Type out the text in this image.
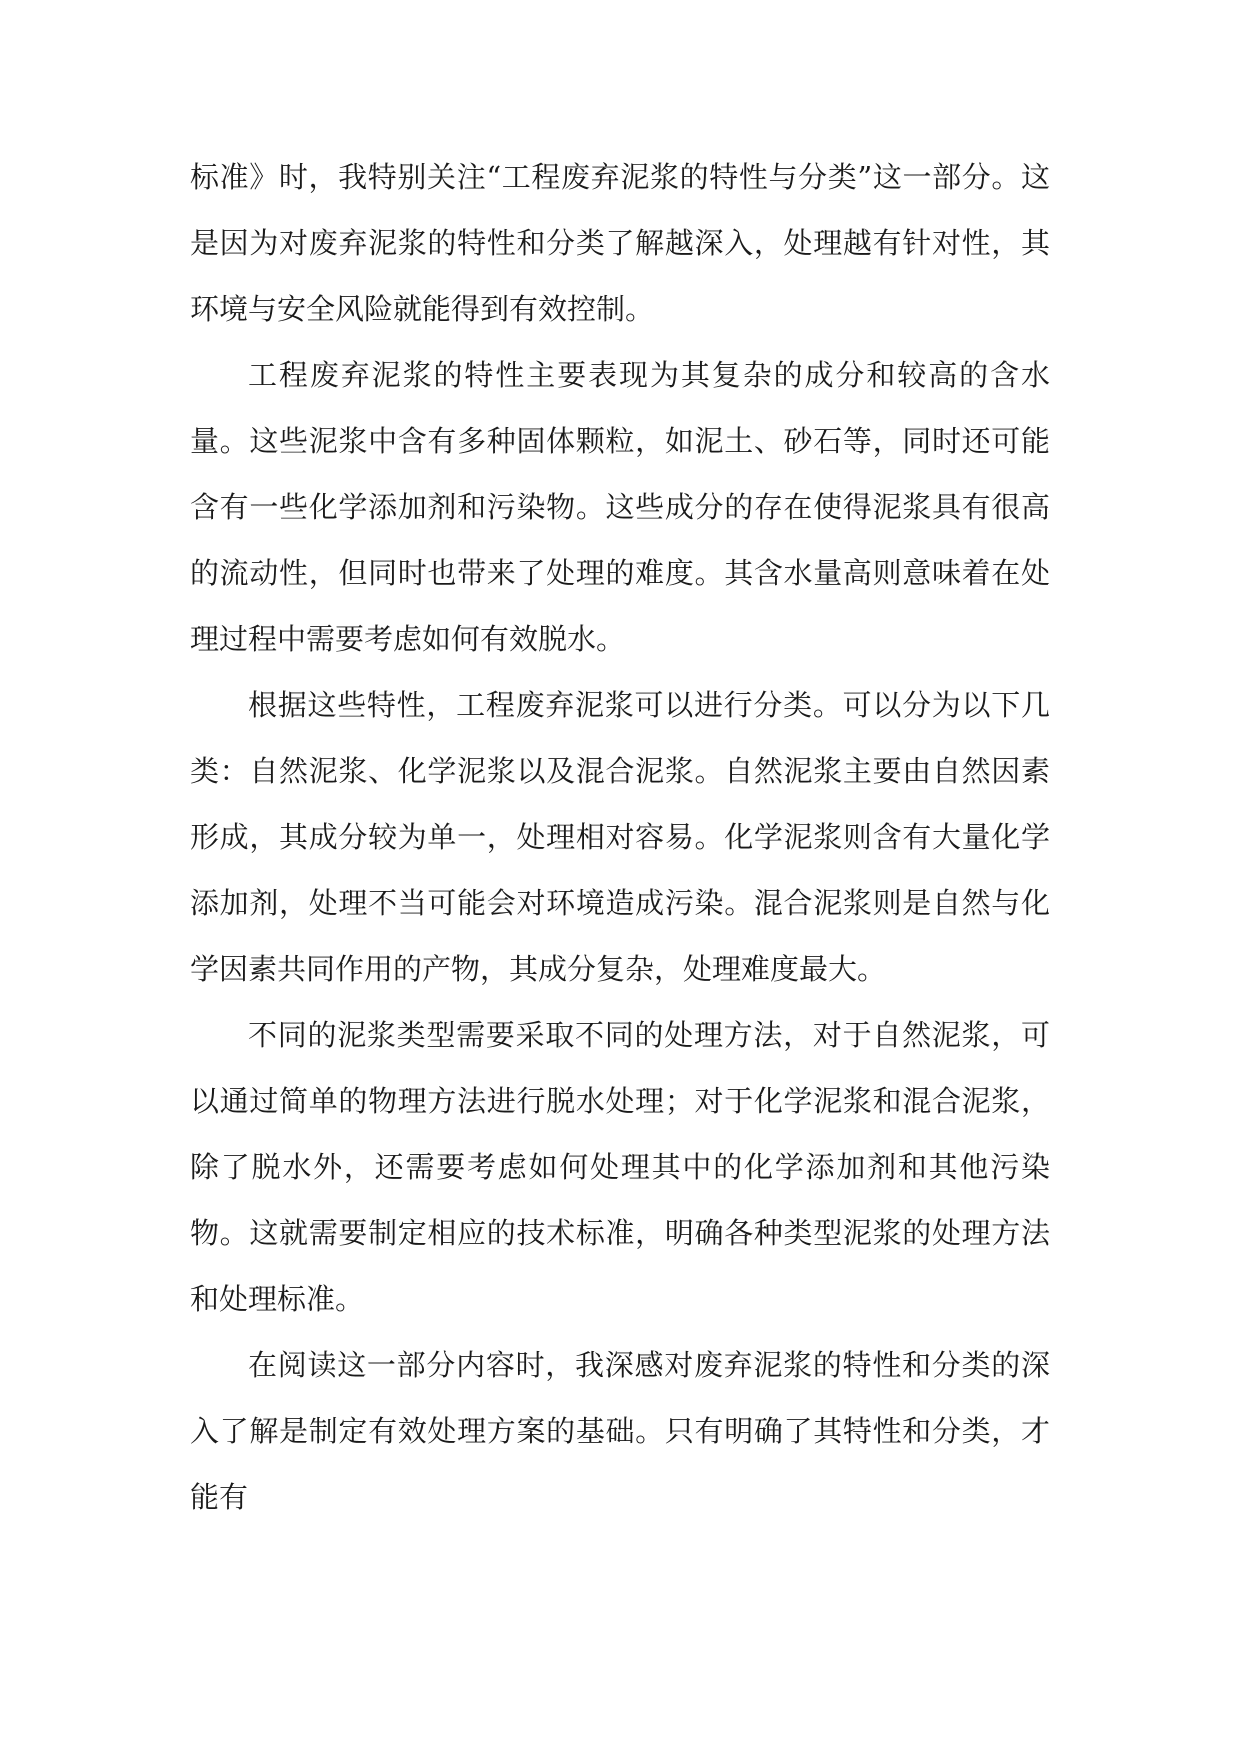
标准》时，我特别关注“工程废弃泥浆的特性与分类”这一部分。这是因为对废弃泥浆的特性和分类了解越深入，处理越有针对性，其环境与安全风险就能得到有效控制。

工程废弃泥浆的特性主要表现为其复杂的成分和较高的含水量。这些泥浆中含有多种固体颗粒，如泥土、砂石等，同时还可能含有一些化学添加剂和污染物。这些成分的存在使得泥浆具有很高的流动性，但同时也带来了处理的难度。其含水量高则意味着在处理过程中需要考虑如何有效脱水。

根据这些特性，工程废弃泥浆可以进行分类。可以分为以下几类：自然泥浆、化学泥浆以及混合泥浆。自然泥浆主要由自然因素形成，其成分较为单一，处理相对容易。化学泥浆则含有大量化学添加剂，处理不当可能会对环境造成污染。混合泥浆则是自然与化学因素共同作用的产物，其成分复杂，处理难度最大。

不同的泥浆类型需要采取不同的处理方法，对于自然泥浆，可以通过简单的物理方法进行脱水处理；对于化学泥浆和混合泥浆，除了脱水外，还需要考虑如何处理其中的化学添加剂和其他污染物。这就需要制定相应的技术标准，明确各种类型泥浆的处理方法和处理标准。

在阅读这一部分内容时，我深感对废弃泥浆的特性和分类的深入了解是制定有效处理方案的基础。只有明确了其特性和分类，才能有
